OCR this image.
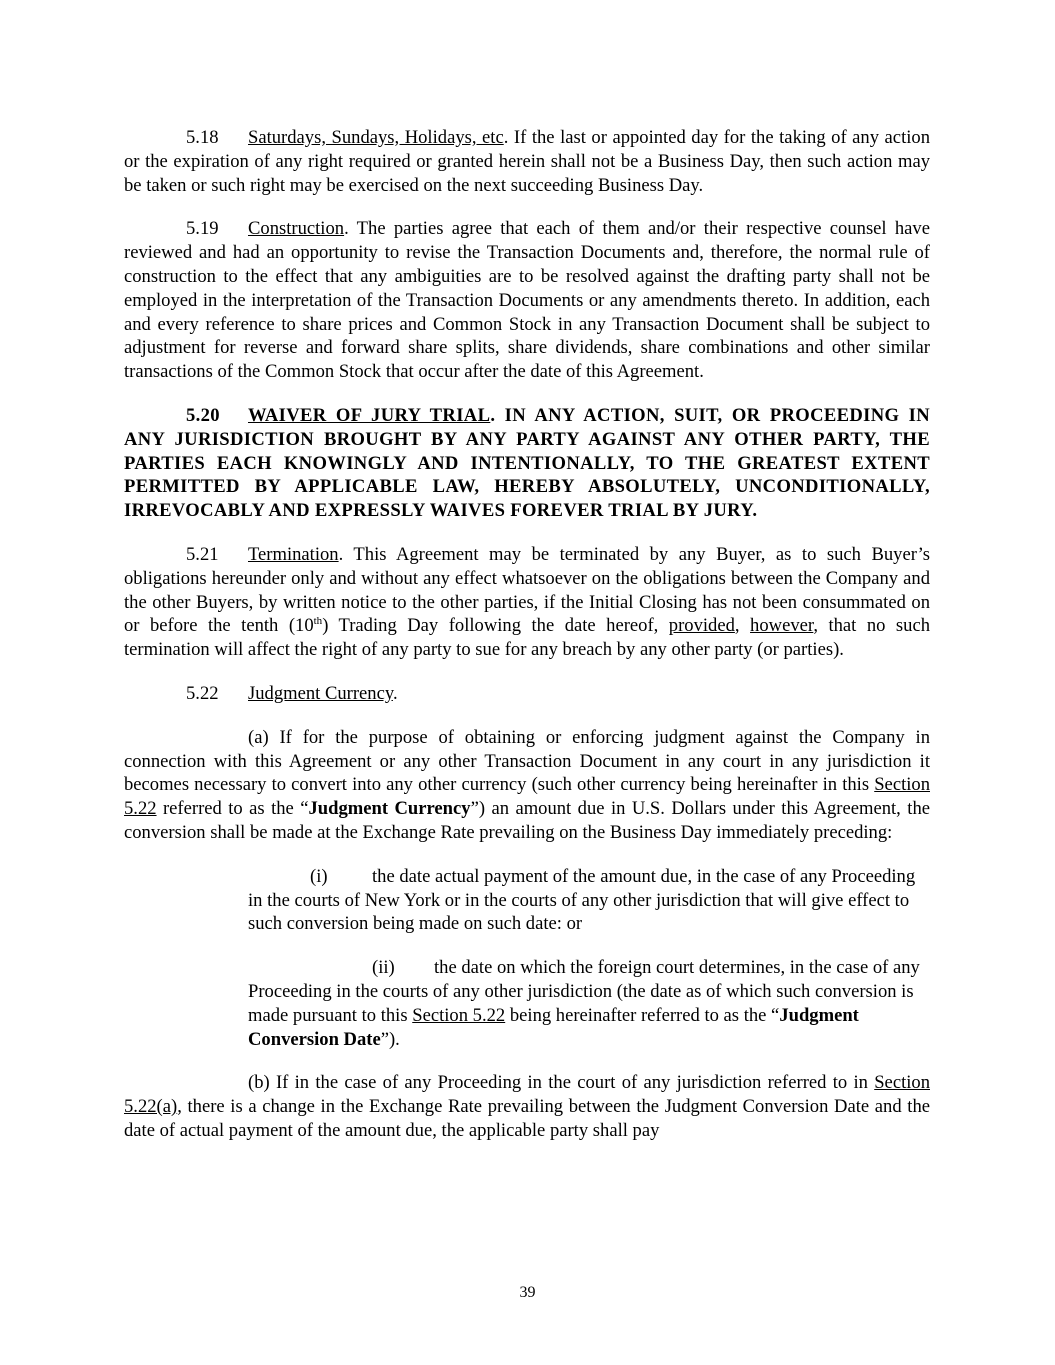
5.18 Saturdays, Sundays, Holidays, etc. If the last or appointed day for the taking of any action or the expiration of any right required or granted herein shall not be a Business Day, then such action may be taken or such right may be exercised on the next succeeding Business Day.

5.19 Construction. The parties agree that each of them and/or their respective counsel have reviewed and had an opportunity to revise the Transaction Documents and, therefore, the normal rule of construction to the effect that any ambiguities are to be resolved against the drafting party shall not be employed in the interpretation of the Transaction Documents or any amendments thereto. In addition, each and every reference to share prices and Common Stock in any Transaction Document shall be subject to adjustment for reverse and forward share splits, share dividends, share combinations and other similar transactions of the Common Stock that occur after the date of this Agreement.

5.20 WAIVER OF JURY TRIAL. IN ANY ACTION, SUIT, OR PROCEEDING IN ANY JURISDICTION BROUGHT BY ANY PARTY AGAINST ANY OTHER PARTY, THE PARTIES EACH KNOWINGLY AND INTENTIONALLY, TO THE GREATEST EXTENT PERMITTED BY APPLICABLE LAW, HEREBY ABSOLUTELY, UNCONDITIONALLY, IRREVOCABLY AND EXPRESSLY WAIVES FOREVER TRIAL BY JURY.

5.21 Termination. This Agreement may be terminated by any Buyer, as to such Buyer’s obligations hereunder only and without any effect whatsoever on the obligations between the Company and the other Buyers, by written notice to the other parties, if the Initial Closing has not been consummated on or before the tenth (10th) Trading Day following the date hereof, provided, however, that no such termination will affect the right of any party to sue for any breach by any other party (or parties).

5.22 Judgment Currency.

(a) If for the purpose of obtaining or enforcing judgment against the Company in connection with this Agreement or any other Transaction Document in any court in any jurisdiction it becomes necessary to convert into any other currency (such other currency being hereinafter in this Section 5.22 referred to as the “Judgment Currency”) an amount due in U.S. Dollars under this Agreement, the conversion shall be made at the Exchange Rate prevailing on the Business Day immediately preceding:

(i) the date actual payment of the amount due, in the case of any Proceeding in the courts of New York or in the courts of any other jurisdiction that will give effect to such conversion being made on such date: or

(ii) the date on which the foreign court determines, in the case of any Proceeding in the courts of any other jurisdiction (the date as of which such conversion is made pursuant to this Section 5.22 being hereinafter referred to as the “Judgment Conversion Date”).

(b) If in the case of any Proceeding in the court of any jurisdiction referred to in Section 5.22(a), there is a change in the Exchange Rate prevailing between the Judgment Conversion Date and the date of actual payment of the amount due, the applicable party shall pay

39
